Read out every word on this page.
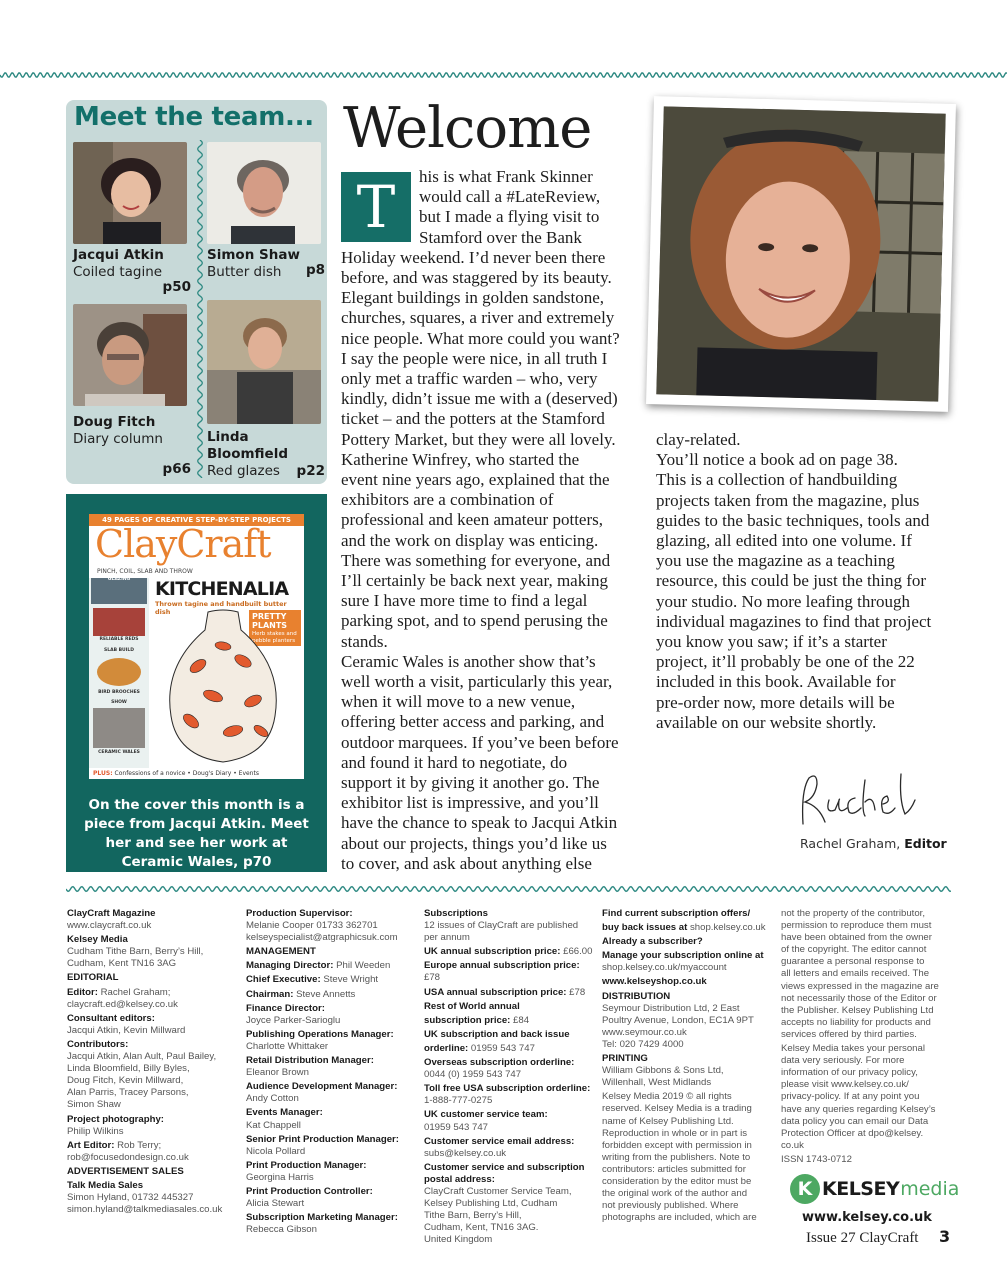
Meet the team...
Jacqui Atkin
Coiled tagine
p50
Simon Shaw
Butter dish	p8
Doug Fitch
Diary column
p66
Linda
Bloomfield
Red glazes	p22
49 PAGES OF CREATIVE STEP-BY-STEP PROJECTS
ClayCraft
PINCH, COIL, SLAB AND THROW
KITCHENALIA
Thrown tagine and handbuilt butter dish	PRETTY PLANTS
Herb stakes and pebble planters
GLAZING
RELIABLE REDS
SLAB BUILD
BIRD BROOCHES
SHOW
CERAMIC WALES
PLUS: Confessions of a novice • Doug's Diary • Events
On the cover this month is a piece from Jacqui Atkin. Meet her and see her work at Ceramic Wales, p70
Welcome
T	his is what Frank Skinner
would call a #LateReview,
but I made a flying visit to
Stamford over the Bank
Holiday weekend. I’d never been there
before, and was staggered by its beauty.
Elegant buildings in golden sandstone,
churches, squares, a river and extremely
nice people. What more could you want?
I say the people were nice, in all truth I
only met a traffic warden – who, very
kindly, didn’t issue me with a (deserved)
ticket – and the potters at the Stamford
Pottery Market, but they were all lovely.
Katherine Winfrey, who started the
event nine years ago, explained that the
exhibitors are a combination of
professional and keen amateur potters,
and the work on display was enticing.
There was something for everyone, and
I’ll certainly be back next year, making
sure I have more time to find a legal
parking spot, and to spend perusing the
stands.
Ceramic Wales is another show that’s
well worth a visit, particularly this year,
when it will move to a new venue,
offering better access and parking, and
outdoor marquees. If you’ve been before
and found it hard to negotiate, do
support it by giving it another go. The
exhibitor list is impressive, and you’ll
have the chance to speak to Jacqui Atkin
about our projects, things you’d like us
to cover, and ask about anything else
clay-related.
You’ll notice a book ad on page 38.
This is a collection of handbuilding
projects taken from the magazine, plus
guides to the basic techniques, tools and
glazing, all edited into one volume. If
you use the magazine as a teaching
resource, this could be just the thing for
your studio. No more leafing through
individual magazines to find that project
you know you saw; if it’s a starter
project, it’ll probably be one of the 22
included in this book. Available for
pre-order now, more details will be
available on our website shortly.
Rachel Graham, Editor
ClayCraft Magazine
www.claycraft.co.uk
Kelsey Media
Cudham Tithe Barn, Berry’s Hill,
Cudham, Kent TN16 3AG
EDITORIAL
Editor: Rachel Graham;
claycraft.ed@kelsey.co.uk
Consultant editors:
Jacqui Atkin, Kevin Millward
Contributors:
Jacqui Atkin, Alan Ault, Paul Bailey,
Linda Bloomfield, Billy Byles,
Doug Fitch, Kevin Millward,
Alan Parris, Tracey Parsons,
Simon Shaw
Project photography:
Philip Wilkins
Art Editor: Rob Terry;
rob@focusedondesign.co.uk
ADVERTISEMENT SALES
Talk Media Sales
Simon Hyland, 01732 445327
simon.hyland@talkmediasales.co.uk
Production Supervisor:
Melanie Cooper 01733 362701
kelseyspecialist@atgraphicsuk.com
MANAGEMENT
Managing Director: Phil Weeden
Chief Executive: Steve Wright
Chairman: Steve Annetts
Finance Director:
Joyce Parker-Sarioglu
Publishing Operations Manager:
Charlotte Whittaker
Retail Distribution Manager:
Eleanor Brown
Audience Development Manager:
Andy Cotton
Events Manager:
Kat Chappell
Senior Print Production Manager:
Nicola Pollard
Print Production Manager:
Georgina Harris
Print Production Controller:
Alicia Stewart
Subscription Marketing Manager:
Rebecca Gibson
Subscriptions
12 issues of ClayCraft are published
per annum
UK annual subscription price: £66.00
Europe annual subscription price: £78
USA annual subscription price: £78
Rest of World annual
subscription price: £84
UK subscription and back issue
orderline: 01959 543 747
Overseas subscription orderline:
0044 (0) 1959 543 747
Toll free USA subscription orderline:
1-888-777-0275
UK customer service team:
01959 543 747
Customer service email address:
subs@kelsey.co.uk
Customer service and subscription postal address:
ClayCraft Customer Service Team,
Kelsey Publishing Ltd, Cudham
Tithe Barn, Berry’s Hill,
Cudham, Kent, TN16 3AG.
United Kingdom
Find current subscription offers/
buy back issues at shop.kelsey.co.uk
Already a subscriber?
Manage your subscription online at
shop.kelsey.co.uk/myaccount
www.kelseyshop.co.uk
DISTRIBUTION
Seymour Distribution Ltd, 2 East
Poultry Avenue, London, EC1A 9PT
www.seymour.co.uk
Tel: 020 7429 4000
PRINTING
William Gibbons & Sons Ltd,
Willenhall, West Midlands
Kelsey Media 2019 © all rights
reserved. Kelsey Media is a trading
name of Kelsey Publishing Ltd.
Reproduction in whole or in part is
forbidden except with permission in
writing from the publishers. Note to
contributors: articles submitted for
consideration by the editor must be
the original work of the author and
not previously published. Where
photographs are included, which are
not the property of the contributor,
permission to reproduce them must
have been obtained from the owner
of the copyright. The editor cannot
guarantee a personal response to
all letters and emails received. The
views expressed in the magazine are
not necessarily those of the Editor or
the Publisher. Kelsey Publishing Ltd
accepts no liability for products and
services offered by third parties.
Kelsey Media takes your personal
data very seriously. For more
information of our privacy policy,
please visit www.kelsey.co.uk/
privacy-policy. If at any point you
have any queries regarding Kelsey’s
data policy you can email our Data
Protection Officer at dpo@kelsey.
co.uk
ISSN 1743-0712
K KELSEY media
www.kelsey.co.uk
Issue 27 ClayCraft 3
